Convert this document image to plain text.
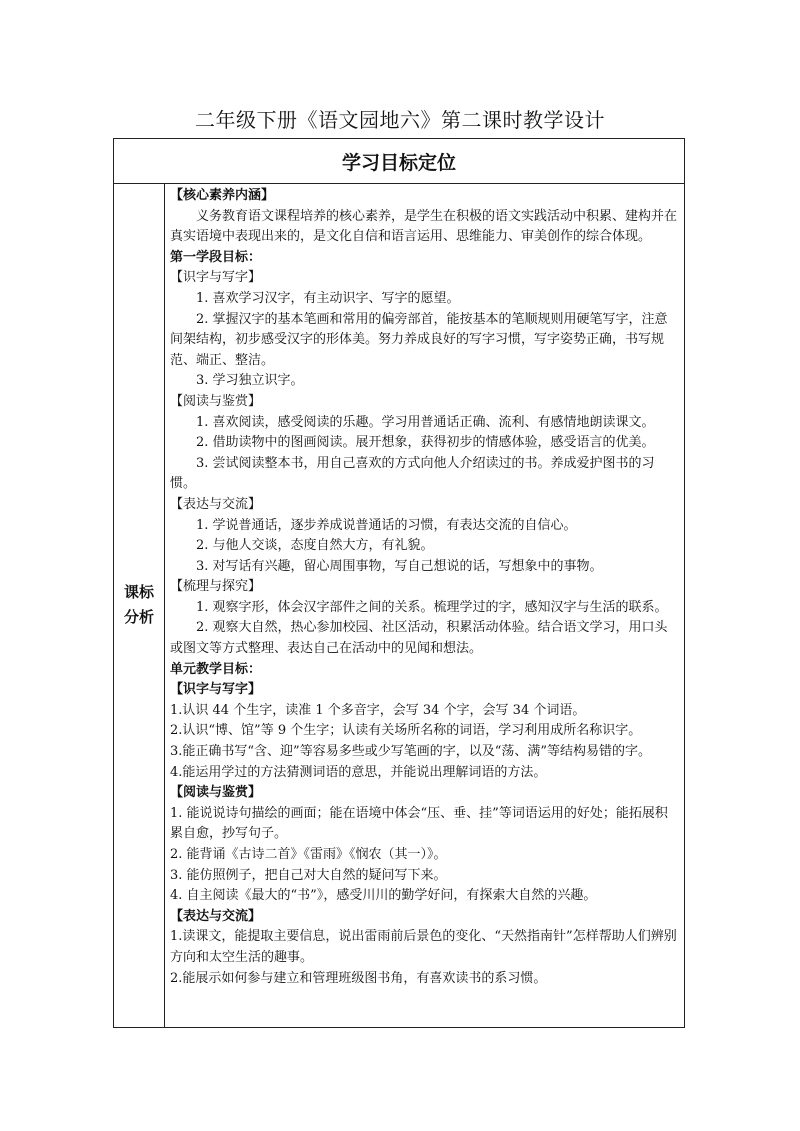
二年级下册《语文园地六》第二课时教学设计
学习目标定位
课标
分析

【核心素养内涵】

义务教育语文课程培养的核心素养，是学生在积极的语文实践活动中积累、建构并在真实语境中表现出来的，是文化自信和语言运用、思维能力、审美创作的综合体现。

第一学段目标：

【识字与写字】

1. 喜欢学习汉字，有主动识字、写字的愿望。

2. 掌握汉字的基本笔画和常用的偏旁部首，能按基本的笔顺规则用硬笔写字，注意间架结构，初步感受汉字的形体美。努力养成良好的写字习惯，写字姿势正确，书写规范、端正、整洁。

3. 学习独立识字。

【阅读与鉴赏】

1. 喜欢阅读，感受阅读的乐趣。学习用普通话正确、流利、有感情地朗读课文。

2. 借助读物中的图画阅读。展开想象，获得初步的情感体验，感受语言的优美。

3. 尝试阅读整本书，用自己喜欢的方式向他人介绍读过的书。养成爱护图书的习惯。

【表达与交流】

1. 学说普通话，逐步养成说普通话的习惯，有表达交流的自信心。

2. 与他人交谈，态度自然大方，有礼貌。

3. 对写话有兴趣，留心周围事物，写自己想说的话，写想象中的事物。

【梳理与探究】

1. 观察字形，体会汉字部件之间的关系。梳理学过的字，感知汉字与生活的联系。

2. 观察大自然，热心参加校园、社区活动，积累活动体验。结合语文学习，用口头或图文等方式整理、表达自己在活动中的见闻和想法。

单元教学目标：

【识字与写字】

1.认识 44 个生字，读准 1 个多音字，会写 34 个字，会写 34 个词语。

2.认识“博、馆”等 9 个生字；认读有关场所名称的词语，学习利用成所名称识字。

3.能正确书写“含、迎”等容易多些或少写笔画的字，以及“荡、满”等结构易错的字。

4.能运用学过的方法猜测词语的意思，并能说出理解词语的方法。

【阅读与鉴赏】

1. 能说说诗句描绘的画面；能在语境中体会“压、垂、挂”等词语运用的好处；能拓展积累自愈，抄写句子。

2. 能背诵《古诗二首》《雷雨》《悯农（其一）》。

3. 能仿照例子，把自己对大自然的疑问写下来。

4. 自主阅读《最大的“书”》，感受川川的勤学好问，有探索大自然的兴趣。

【表达与交流】

1.读课文，能提取主要信息，说出雷雨前后景色的变化、“天然指南针”怎样帮助人们辨别方向和太空生活的趣事。

2.能展示如何参与建立和管理班级图书角，有喜欢读书的系习惯。
